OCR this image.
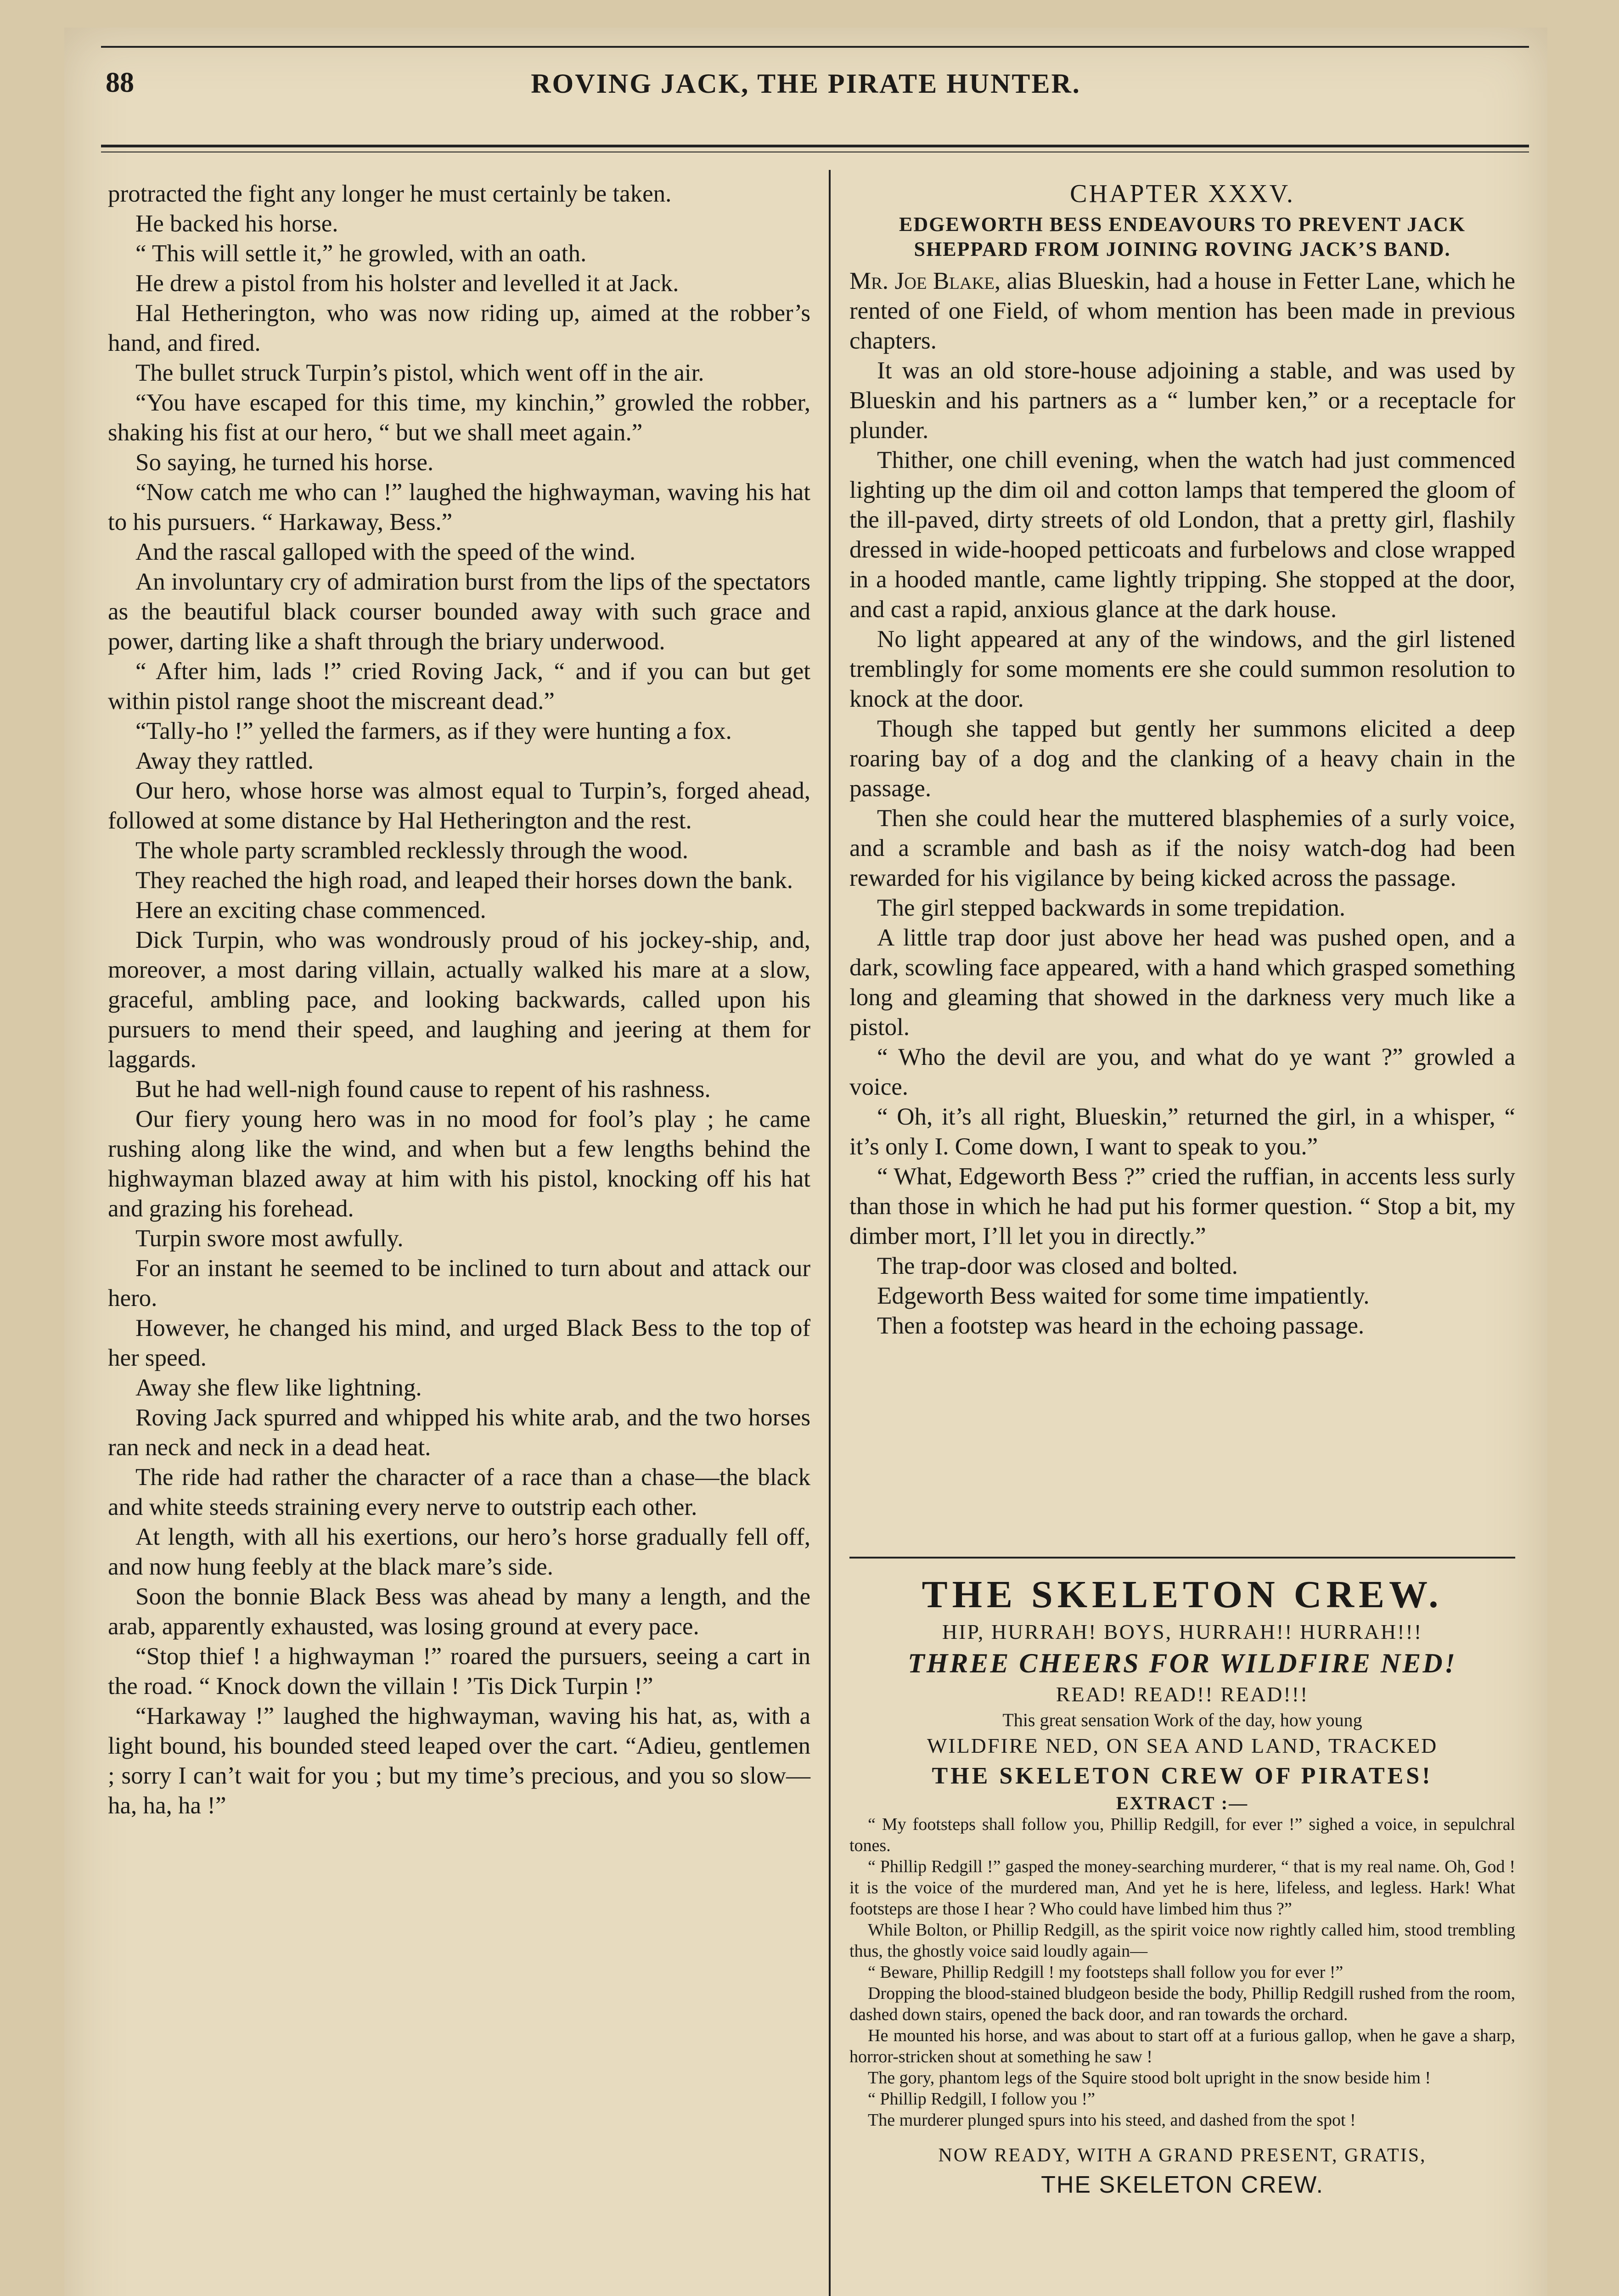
88	ROVING JACK, THE PIRATE HUNTER.

protracted the fight any longer he must certainly be taken.

He backed his horse.

“ This will settle it,” he growled, with an oath.

He drew a pistol from his holster and levelled it at Jack.

Hal Hetherington, who was now riding up, aimed at the robber’s hand, and fired.

The bullet struck Turpin’s pistol, which went off in the air.

“You have escaped for this time, my kinchin,” growled the robber, shaking his fist at our hero, “ but we shall meet again.”

So saying, he turned his horse.

“Now catch me who can !” laughed the highwayman, waving his hat to his pursuers. “ Harkaway, Bess.”

And the rascal galloped with the speed of the wind.

An involuntary cry of admiration burst from the lips of the spectators as the beautiful black courser bounded away with such grace and power, darting like a shaft through the briary underwood.

“ After him, lads !” cried Roving Jack, “ and if you can but get within pistol range shoot the miscreant dead.”

“Tally-ho !” yelled the farmers, as if they were hunting a fox.

Away they rattled.

Our hero, whose horse was almost equal to Turpin’s, forged ahead, followed at some distance by Hal Hetherington and the rest.

The whole party scrambled recklessly through the wood.

They reached the high road, and leaped their horses down the bank.

Here an exciting chase commenced.

Dick Turpin, who was wondrously proud of his jockey-ship, and, moreover, a most daring villain, actually walked his mare at a slow, graceful, ambling pace, and looking backwards, called upon his pursuers to mend their speed, and laughing and jeering at them for laggards.

But he had well-nigh found cause to repent of his rashness.

Our fiery young hero was in no mood for fool’s play ; he came rushing along like the wind, and when but a few lengths behind the highwayman blazed away at him with his pistol, knocking off his hat and grazing his forehead.

Turpin swore most awfully.

For an instant he seemed to be inclined to turn about and attack our hero.

However, he changed his mind, and urged Black Bess to the top of her speed.

Away she flew like lightning.

Roving Jack spurred and whipped his white arab, and the two horses ran neck and neck in a dead heat.

The ride had rather the character of a race than a chase—the black and white steeds straining every nerve to outstrip each other.

At length, with all his exertions, our hero’s horse gradually fell off, and now hung feebly at the black mare’s side.

Soon the bonnie Black Bess was ahead by many a length, and the arab, apparently exhausted, was losing ground at every pace.

“Stop thief ! a highwayman !” roared the pursuers, seeing a cart in the road. “ Knock down the villain ! ’Tis Dick Turpin !”

“Harkaway !” laughed the highwayman, waving his hat, as, with a light bound, his bounded steed leaped over the cart. “Adieu, gentlemen ; sorry I can’t wait for you ; but my time’s precious, and you so slow—ha, ha, ha !”

CHAPTER XXXV.
EDGEWORTH BESS ENDEAVOURS TO PREVENT JACK SHEPPARD FROM JOINING ROVING JACK’S BAND.

Mr. Joe Blake, alias Blueskin, had a house in Fetter Lane, which he rented of one Field, of whom mention has been made in previous chapters.

It was an old store-house adjoining a stable, and was used by Blueskin and his partners as a “ lumber ken,” or a receptacle for plunder.

Thither, one chill evening, when the watch had just commenced lighting up the dim oil and cotton lamps that tempered the gloom of the ill-paved, dirty streets of old London, that a pretty girl, flashily dressed in wide-hooped petticoats and furbelows and close wrapped in a hooded mantle, came lightly tripping. She stopped at the door, and cast a rapid, anxious glance at the dark house.

No light appeared at any of the windows, and the girl listened tremblingly for some moments ere she could summon resolution to knock at the door.

Though she tapped but gently her summons elicited a deep roaring bay of a dog and the clanking of a heavy chain in the passage.

Then she could hear the muttered blasphemies of a surly voice, and a scramble and bash as if the noisy watch-dog had been rewarded for his vigilance by being kicked across the passage.

The girl stepped backwards in some trepidation.

A little trap door just above her head was pushed open, and a dark, scowling face appeared, with a hand which grasped something long and gleaming that showed in the darkness very much like a pistol.

“ Who the devil are you, and what do ye want ?” growled a voice.

“ Oh, it’s all right, Blueskin,” returned the girl, in a whisper, “ it’s only I. Come down, I want to speak to you.”

“ What, Edgeworth Bess ?” cried the ruffian, in accents less surly than those in which he had put his former question. “ Stop a bit, my dimber mort, I’ll let you in directly.”

The trap-door was closed and bolted.

Edgeworth Bess waited for some time impatiently.

Then a footstep was heard in the echoing passage.

THE SKELETON CREW.
HIP, HURRAH! BOYS, HURRAH!! HURRAH!!!
THREE CHEERS FOR WILDFIRE NED!
READ! READ!! READ!!!
This great sensation Work of the day, how young
WILDFIRE NED, ON SEA AND LAND, TRACKED
THE SKELETON CREW OF PIRATES!
EXTRACT :—

“ My footsteps shall follow you, Phillip Redgill, for ever !” sighed a voice, in sepulchral tones.

“ Phillip Redgill !” gasped the money-searching murderer, “ that is my real name. Oh, God ! it is the voice of the murdered man, And yet he is here, lifeless, and legless. Hark! What footsteps are those I hear ? Who could have limbed him thus ?”

While Bolton, or Phillip Redgill, as the spirit voice now rightly called him, stood trembling thus, the ghostly voice said loudly again—

“ Beware, Phillip Redgill ! my footsteps shall follow you for ever !”

Dropping the blood-stained bludgeon beside the body, Phillip Redgill rushed from the room, dashed down stairs, opened the back door, and ran towards the orchard.

He mounted his horse, and was about to start off at a furious gallop, when he gave a sharp, horror-stricken shout at something he saw !

The gory, phantom legs of the Squire stood bolt upright in the snow beside him !

“ Phillip Redgill, I follow you !”

The murderer plunged spurs into his steed, and dashed from the spot !

NOW READY, WITH A GRAND PRESENT, GRATIS,
THE SKELETON CREW.
